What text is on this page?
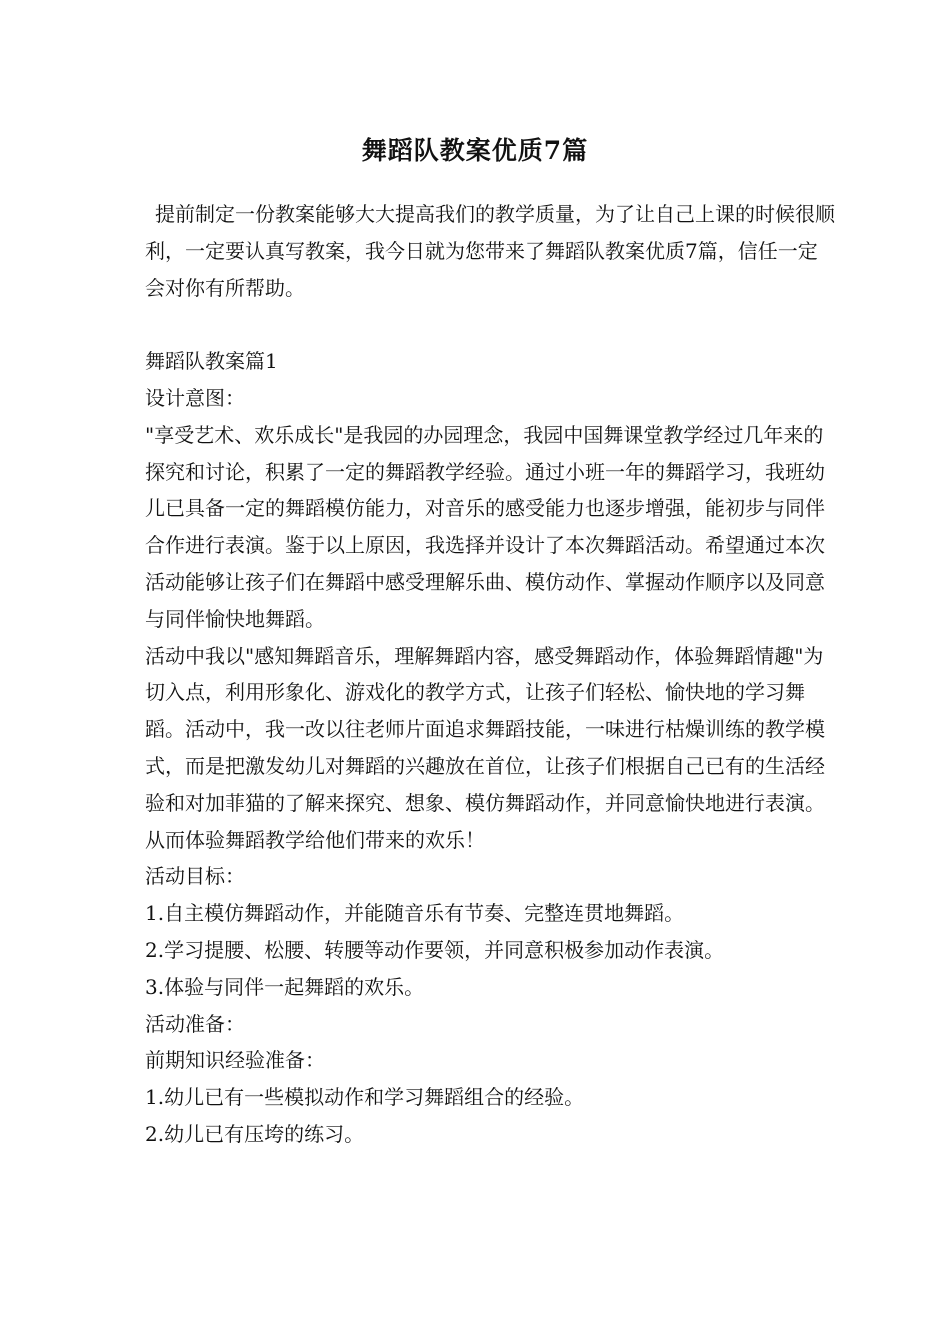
舞蹈队教案优质7篇

提前制定一份教案能够大大提高我们的教学质量，为了让自己上课的时候很顺利，一定要认真写教案，我今日就为您带来了舞蹈队教案优质7篇，信任一定会对你有所帮助。

舞蹈队教案篇1

设计意图：

"享受艺术、欢乐成长"是我园的办园理念，我园中国舞课堂教学经过几年来的探究和讨论，积累了一定的舞蹈教学经验。通过小班一年的舞蹈学习，我班幼儿已具备一定的舞蹈模仿能力，对音乐的感受能力也逐步增强，能初步与同伴合作进行表演。鉴于以上原因，我选择并设计了本次舞蹈活动。希望通过本次活动能够让孩子们在舞蹈中感受理解乐曲、模仿动作、掌握动作顺序以及同意与同伴愉快地舞蹈。

活动中我以"感知舞蹈音乐，理解舞蹈内容，感受舞蹈动作，体验舞蹈情趣"为切入点，利用形象化、游戏化的教学方式，让孩子们轻松、愉快地的学习舞蹈。活动中，我一改以往老师片面追求舞蹈技能，一味进行枯燥训练的教学模式，而是把激发幼儿对舞蹈的兴趣放在首位，让孩子们根据自己已有的生活经验和对加菲猫的了解来探究、想象、模仿舞蹈动作，并同意愉快地进行表演。从而体验舞蹈教学给他们带来的欢乐！

活动目标：

1.自主模仿舞蹈动作，并能随音乐有节奏、完整连贯地舞蹈。

2.学习提腰、松腰、转腰等动作要领，并同意积极参加动作表演。

3.体验与同伴一起舞蹈的欢乐。

活动准备：

前期知识经验准备：

1.幼儿已有一些模拟动作和学习舞蹈组合的经验。

2.幼儿已有压垮的练习。
